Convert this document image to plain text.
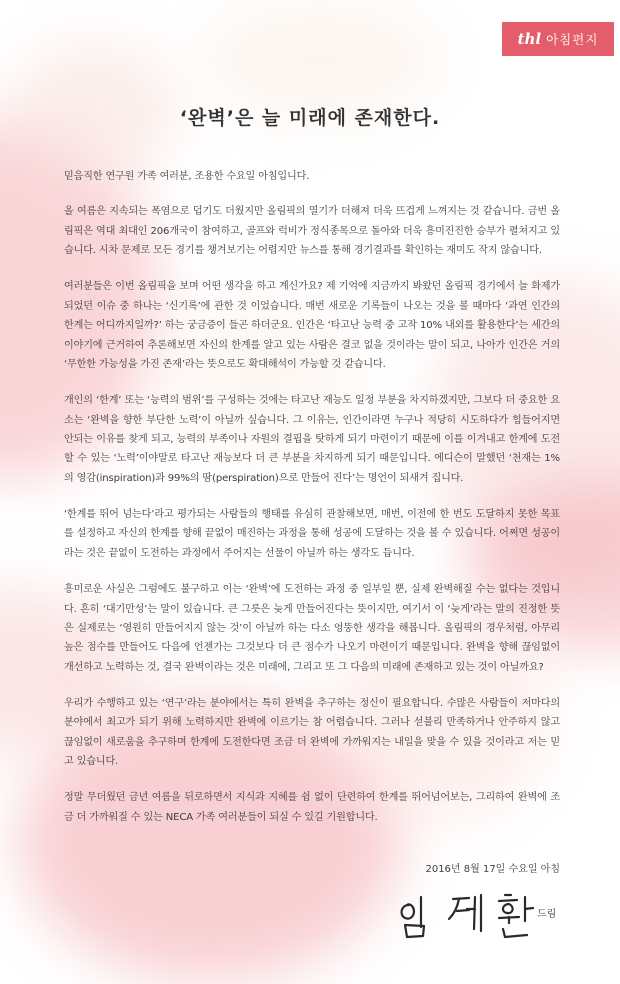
thl 아침편지
‘완벽’은 늘 미래에 존재한다.

믿음직한 연구원 가족 여러분, 조용한 수요일 아침입니다.

올 여름은 지속되는 폭염으로 덥기도 더웠지만 올림픽의 열기가 더해져 더욱 뜨겁게 느껴지는 것 같습니다. 금번 올림픽은 역대 최대인 206개국이 참여하고, 골프와 럭비가 정식종목으로 돌아와 더욱 흥미진진한 승부가 펼쳐지고 있습니다. 시차 문제로 모든 경기를 챙겨보기는 어렵지만 뉴스를 통해 경기결과를 확인하는 재미도 작지 않습니다.

여러분들은 이번 올림픽을 보며 어떤 생각을 하고 계신가요? 제 기억에 지금까지 봐왔던 올림픽 경기에서 늘 화제가 되었던 이슈 중 하나는 ‘신기록’에 관한 것 이었습니다. 매번 새로운 기록들이 나오는 것을 볼 때마다 ‘과연 인간의 한계는 어디까지일까?’ 하는 궁금증이 들곤 하더군요. 인간은 ‘타고난 능력 중 고작 10% 내외를 활용한다’는 세간의 이야기에 근거하여 추론해보면 자신의 한계를 알고 있는 사람은 결코 없을 것이라는 말이 되고, 나아가 인간은 거의 ‘무한한 가능성을 가진 존재’라는 뜻으로도 확대해석이 가능할 것 같습니다.

개인의 ‘한계’ 또는 ‘능력의 범위’를 구성하는 것에는 타고난 재능도 일정 부분을 차지하겠지만, 그보다 더 중요한 요소는 ‘완벽을 향한 부단한 노력’이 아닐까 싶습니다. 그 이유는, 인간이라면 누구나 적당히 시도하다가 힘들어지면 안되는 이유를 찾게 되고, 능력의 부족이나 자원의 결핍을 탓하게 되기 마련이기 때문에 이를 이겨내고 한계에 도전할 수 있는 ‘노력’이야말로 타고난 재능보다 더 큰 부분을 차지하게 되기 때문입니다. 에디슨이 말했던 ‘천재는 1%의 영감(inspiration)과 99%의 땀(perspiration)으로 만들어 진다’는 명언이 되새겨 집니다.

‘한계를 뛰어 넘는다’라고 평가되는 사람들의 행태를 유심히 관찰해보면, 매번, 이전에 한 번도 도달하지 못한 목표를 설정하고 자신의 한계를 향해 끝없이 매진하는 과정을 통해 성공에 도달하는 것을 볼 수 있습니다. 어쩌면 성공이라는 것은 끝없이 도전하는 과정에서 주어지는 선물이 아닐까 하는 생각도 듭니다.

흥미로운 사실은 그럼에도 불구하고 이는 ‘완벽’에 도전하는 과정 중 일부일 뿐, 실제 완벽해질 수는 없다는 것입니다. 흔히 ‘대기만성’는 말이 있습니다. 큰 그릇은 늦게 만들어진다는 뜻이지만, 여기서 이 ‘늦게’라는 말의 진정한 뜻은 실제로는 ‘영원히 만들어지지 않는 것’이 아닐까 하는 다소 엉뚱한 생각을 해봅니다. 올림픽의 경우처럼, 아무리 높은 점수를 만들어도 다음에 언젠가는 그것보다 더 큰 점수가 나오기 마련이기 때문입니다. 완벽을 향해 끊임없이 개선하고 노력하는 것, 결국 완벽이라는 것은 미래에, 그리고 또 그 다음의 미래에 존재하고 있는 것이 아닐까요?

우리가 수행하고 있는 ‘연구’라는 분야에서는 특히 완벽을 추구하는 정신이 필요합니다. 수많은 사람들이 저마다의 분야에서 최고가 되기 위해 노력하지만 완벽에 이르기는 참 어렵습니다. 그러나 섣불리 만족하거나 안주하지 않고 끊임없이 새로움을 추구하며 한계에 도전한다면 조금 더 완벽에 가까워지는 내일을 맞을 수 있을 것이라고 저는 믿고 있습니다.

정말 무더웠던 금년 여름을 뒤로하면서 지식과 지혜를 쉼 없이 단련하여 한계를 뛰어넘어보는, 그리하여 완벽에 조금 더 가까워질 수 있는 NECA 가족 여러분들이 되실 수 있길 기원합니다.

2016년 8월 17일 수요일 아침
드림
